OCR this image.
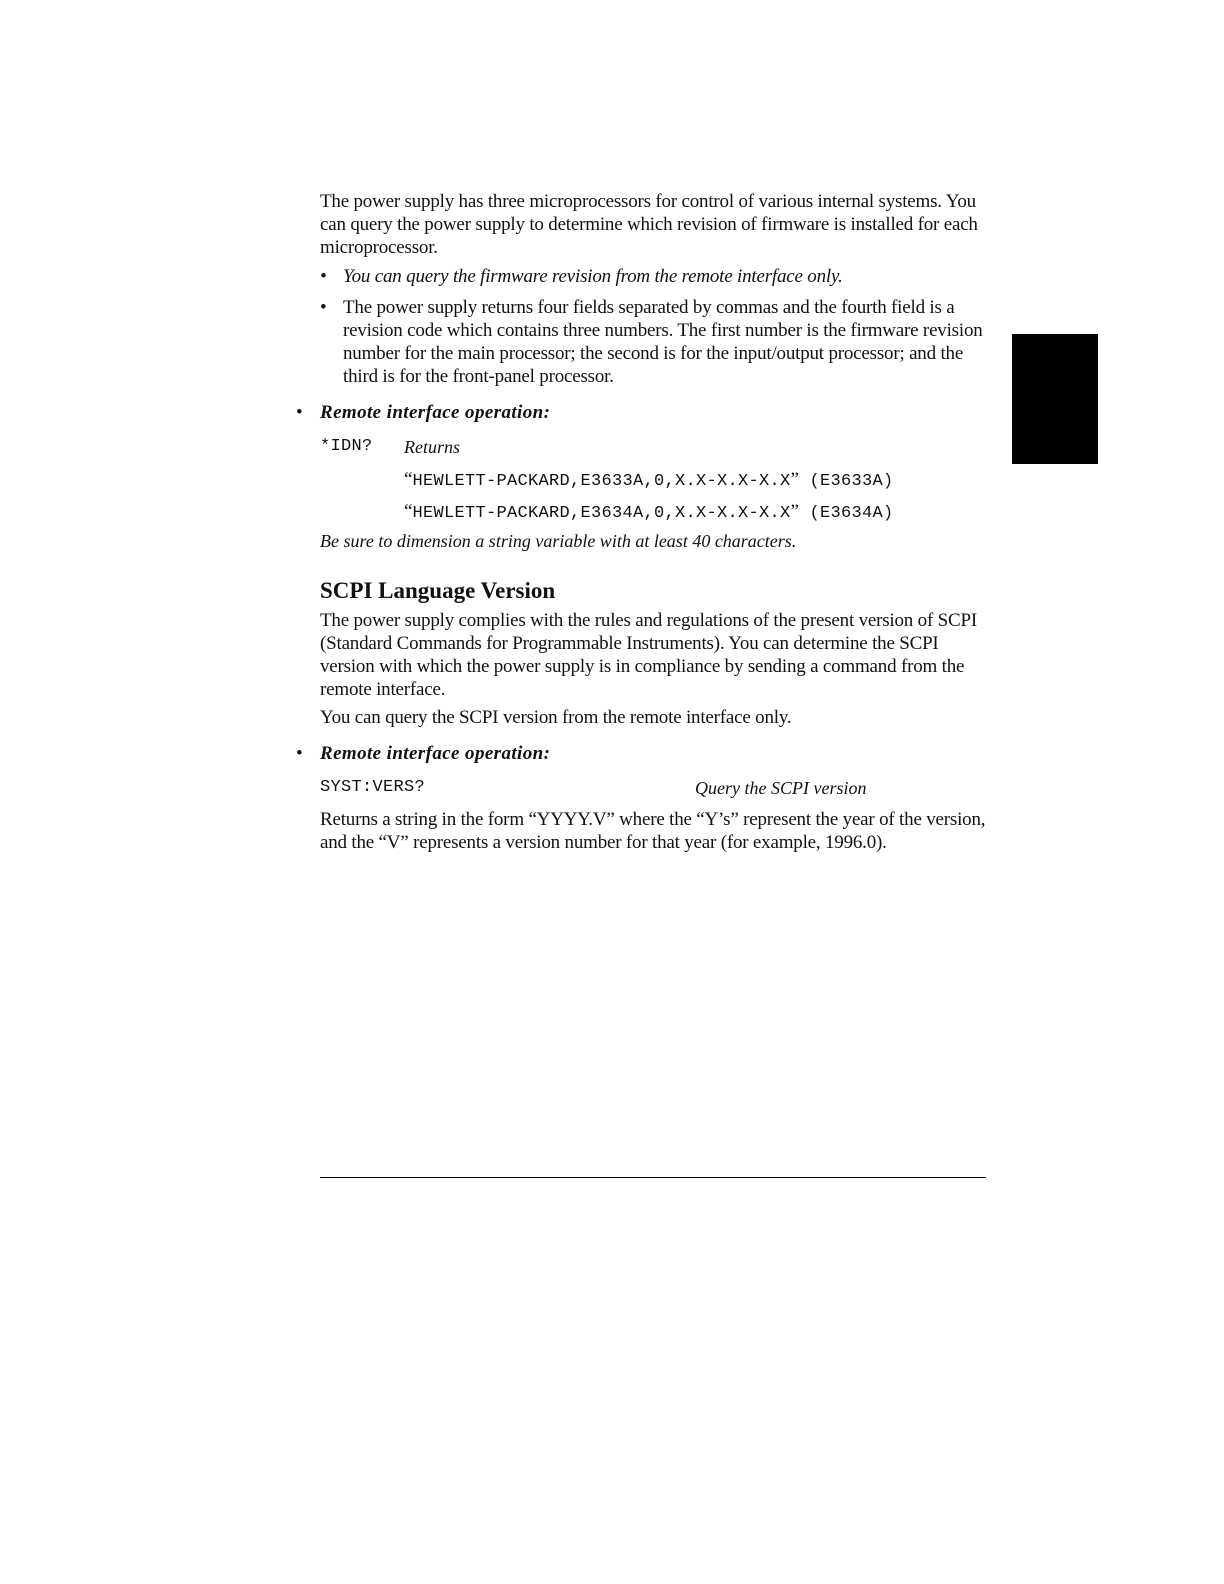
The power supply has three microprocessors for control of various internal systems. You can query the power supply to determine which revision of firmware is installed for each microprocessor.

• You can query the firmware revision from the remote interface only.
• The power supply returns four fields separated by commas and the fourth field is a revision code which contains three numbers. The first number is the firmware revision number for the main processor; the second is for the input/output processor; and the third is for the front-panel processor.
• Remote interface operation:
*IDN? Returns
“HEWLETT-PACKARD,E3633A,0,X.X-X.X-X.X” (E3633A)
“HEWLETT-PACKARD,E3634A,0,X.X-X.X-X.X” (E3634A)
Be sure to dimension a string variable with at least 40 characters.
SCPI Language Version

The power supply complies with the rules and regulations of the present version of SCPI (Standard Commands for Programmable Instruments). You can determine the SCPI version with which the power supply is in compliance by sending a command from the remote interface.

You can query the SCPI version from the remote interface only.

• Remote interface operation:
SYST:VERS?	Query the SCPI version

Returns a string in the form “YYYY.V” where the “Y’s” represent the year of the version, and the “V” represents a version number for that year (for example, 1996.0).
